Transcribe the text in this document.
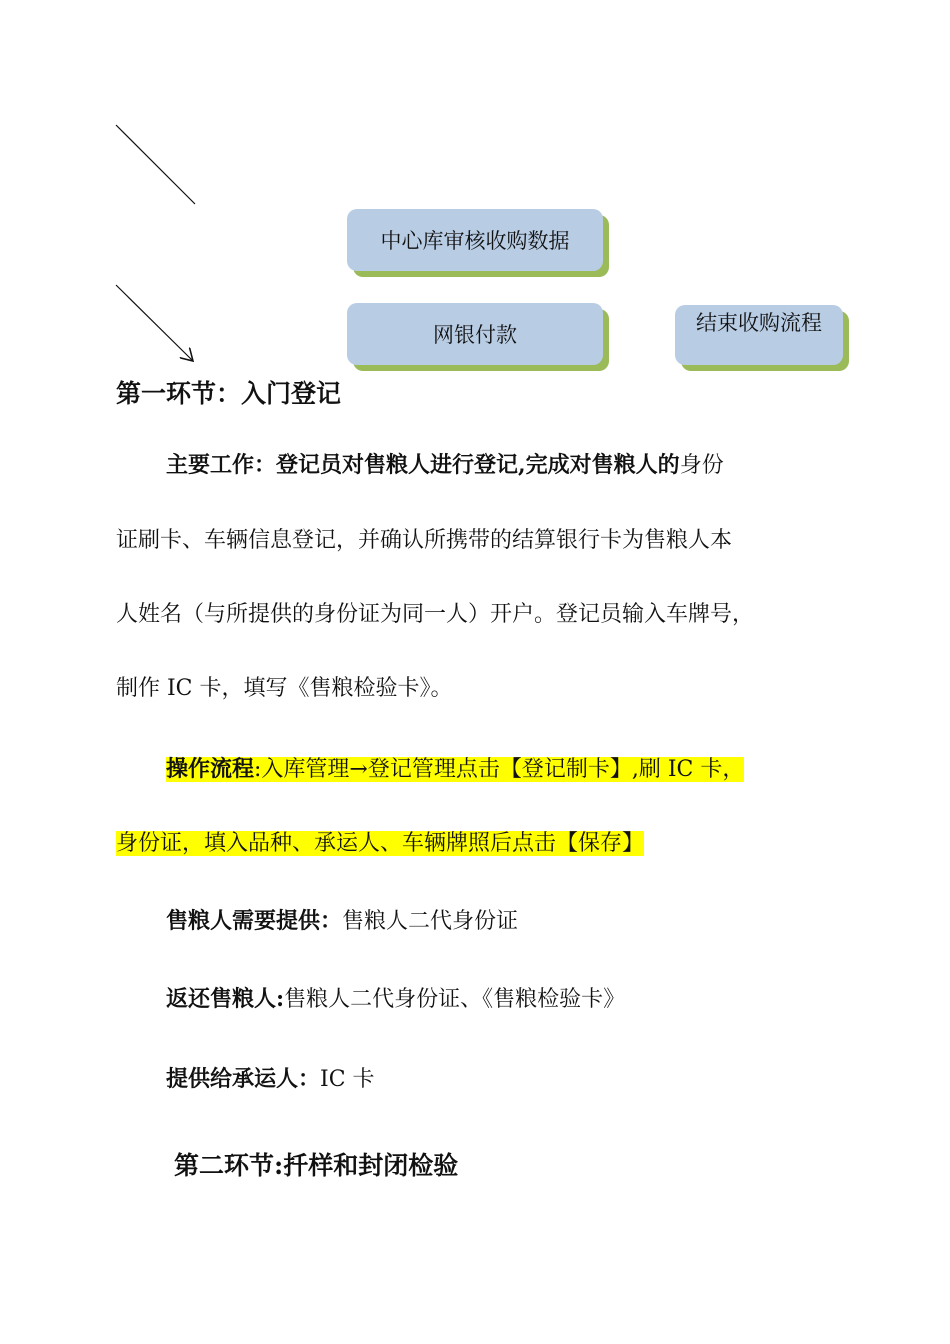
中心库审核收购数据
网银付款	结束收购流程
第一环节：入门登记
主要工作：登记员对售粮人进行登记,完成对售粮人的身份
证刷卡、车辆信息登记，并确认所携带的结算银行卡为售粮人本
人姓名（与所提供的身份证为同一人）开户。登记员输入车牌号，
制作 IC 卡，填写《售粮检验卡》。
操作流程:入库管理→登记管理点击【登记制卡】,刷 IC 卡，
身份证，填入品种、承运人、车辆牌照后点击【保存】
售粮人需要提供：售粮人二代身份证
返还售粮人:售粮人二代身份证、《售粮检验卡》
提供给承运人：IC 卡
第二环节:扦样和封闭检验
